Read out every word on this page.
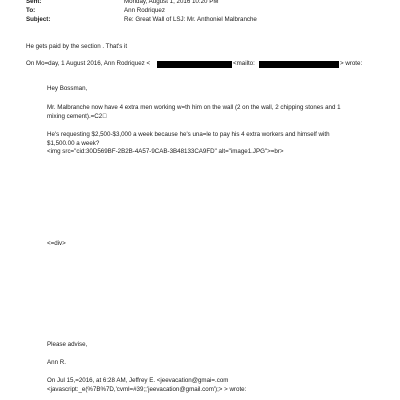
Sent:	Monday, August 1, 2016 10:20 PM
To:	Ann Rodriquez
Subject:	Re: Great Wall of LSJ: Mr. Anthoniel Malbranche
He gets paid by the section . That's it
On Mo=day, 1 August 2016, Ann Rodriquez <	<mailto:	> wrote:
Hey Bossman,
Mr. Malbranche now have 4 extra men working w=th him on the wall (2 on the wall, 2 chipping stones and 1
mixing cement).=C2 
He's requesting $2,500-$3,000 a week because he's una=le to pay his 4 extra workers and himself with
$1,500.00 a week?
<img src="cid:30D569BF-2B2B-4A57-9CAB-3B48133CA9FD" alt="image1.JPG">=br>
<=div>
Please advise,
Ann R.
On Jul 15,=2016, at 6:28 AM, Jeffrey E. <jeevacation@gmai=.com
<javascript:_e(%7B%7D,'cvml=#39;;'jeevacation@gmail.com');> > wrote:
